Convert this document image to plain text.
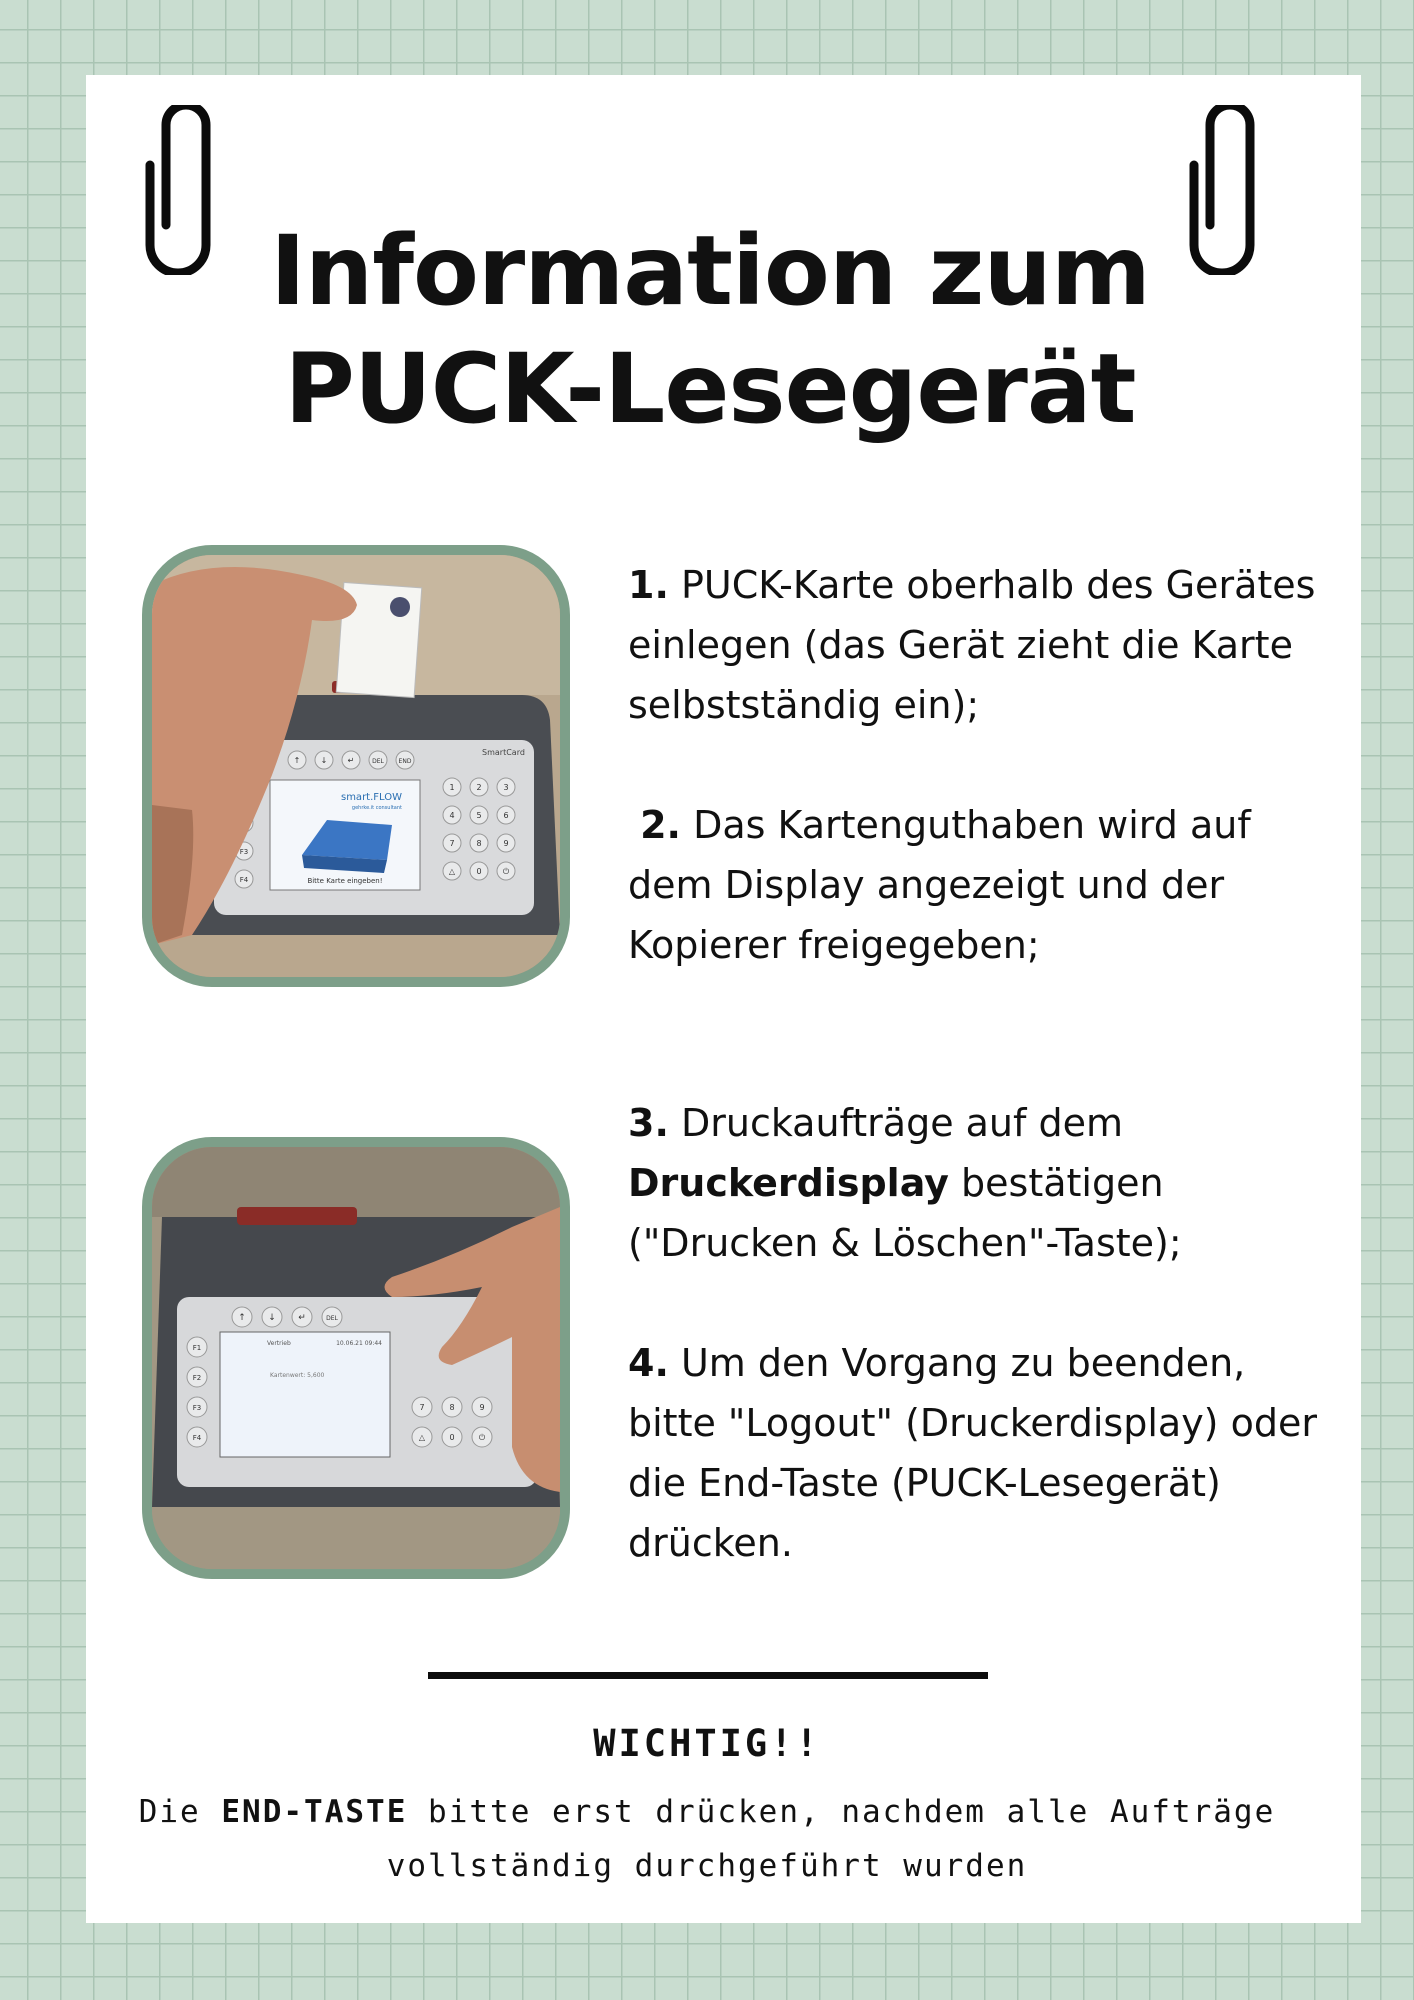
Information zum
PUCK-Lesegerät
SmartCard
↑	↓	↵	DEL END
F3
F4
smart.FLOW
gehrke.it consultant
Bitte Karte eingeben!
1	2	3
4	5	6
7	8	9
△	0	⏻
↑ ↓ ↵	DEL
F1
F2
F3
F4
Vertrieb	10.06.21 09:44
Kartenwert: 5,600
7	8	9
△	0	⏻

1. PUCK-Karte oberhalb des Gerätes einlegen (das Gerät zieht die Karte selbstständig ein);

2. Das Kartenguthaben wird auf dem Display angezeigt und der Kopierer freigegeben;

3. Druckaufträge auf dem Druckerdisplay bestätigen ("Drucken & Löschen"-Taste);

4. Um den Vorgang zu beenden, bitte "Logout" (Druckerdisplay) oder die End-Taste (PUCK-Lesegerät) drücken.

WICHTIG!!

Die END-TASTE bitte erst drücken, nachdem alle Aufträge
vollständig durchgeführt wurden
